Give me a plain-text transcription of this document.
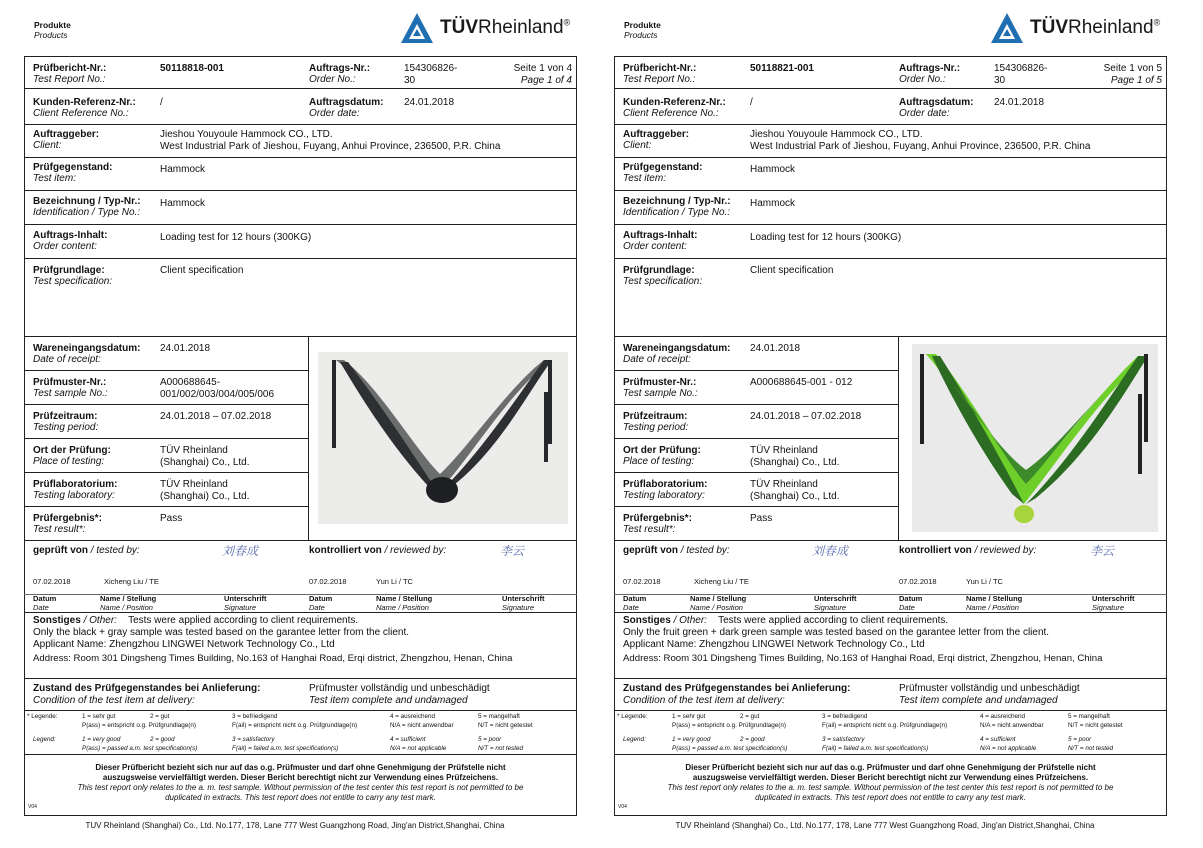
Produkte
Products	TÜVRheinland®
Prüfbericht-Nr.:
Test Report No.:
50118818-001	Auftrags-Nr.:
Order No.:
154306826-
30
Seite 1 von 4
Page 1 of 4
Kunden-Referenz-Nr.:
Client Reference No.:
/	Auftragsdatum:
Order date:
24.01.2018
Auftraggeber:
Client:
Jieshou Youyoule Hammock CO., LTD.
West Industrial Park of Jieshou, Fuyang, Anhui Province, 236500, P.R. China
Prüfgegenstand:
Test item:
Hammock
Bezeichnung / Typ-Nr.:
Identification / Type No.:
Hammock
Auftrags-Inhalt:
Order content:
Loading test for 12 hours (300KG)
Prüfgrundlage:
Test specification:
Client specification
Wareneingangsdatum:
Date of receipt:
24.01.2018
Prüfmuster-Nr.:
Test sample No.:
A000688645-
001/002/003/004/005/006
Prüfzeitraum:
Testing period:
24.01.2018 – 07.02.2018
Ort der Prüfung:
Place of testing:
TÜV Rheinland
(Shanghai) Co., Ltd.
Prüflaboratorium:
Testing laboratory:
TÜV Rheinland
(Shanghai) Co., Ltd.
Prüfergebnis*:
Test result*:
Pass
geprüft von / tested by:	刘春成	kontrolliert von / reviewed by:	李云
07.02.2018	Xicheng Liu / TE	07.02.2018	Yun Li / TC
Datum
Date
Name / Stellung
Name / Position
Unterschrift
Signature
Datum
Date
Name / Stellung
Name / Position
Unterschrift
Signature
Sonstiges / Other: Tests were applied according to client requirements.
Only the black + gray sample was tested based on the garantee letter from the client.
Applicant Name: Zhengzhou LINGWEI Network Technology Co., Ltd
Address: Room 301 Dingsheng Times Building, No.163 of Hanghai Road, Erqi district, Zhengzhou, Henan, China
Zustand des Prüfgegenstandes bei Anlieferung:
Condition of the test item at delivery:
Prüfmuster vollständig und unbeschädigt
Test item complete and undamaged
* Legende:	1 = sehr gut	2 = gut	3 = befriedigend	4 = ausreichend	5 = mangelhaft
P(ass) = entspricht o.g. Prüfgrundlage(n)	F(ail) = entspricht nicht o.g. Prüfgrundlage(n)	N/A = nicht anwendbar	N/T = nicht getestet
Legend:	1 = very good	2 = good	3 = satisfactory	4 = sufficient	5 = poor
P(ass) = passed a.m. test specification(s)	F(ail) = failed a.m. test specification(s)	N/A = not applicable	N/T = not tested
Dieser Prüfbericht bezieht sich nur auf das o.g. Prüfmuster und darf ohne Genehmigung der Prüfstelle nicht
auszugsweise vervielfältigt werden. Dieser Bericht berechtigt nicht zur Verwendung eines Prüfzeichens.
This test report only relates to the a. m. test sample. Without permission of the test center this test report is not permitted to be
duplicated in extracts. This test report does not entitle to carry any test mark.
V04
TUV Rheinland (Shanghai) Co., Ltd. No.177, 178, Lane 777 West Guangzhong Road, Jing'an District,Shanghai, China
Produkte
Products	TÜVRheinland®
Prüfbericht-Nr.:
Test Report No.:
50118821-001	Auftrags-Nr.:
Order No.:
154306826-
30
Seite 1 von 5
Page 1 of 5
Kunden-Referenz-Nr.:
Client Reference No.:
/	Auftragsdatum:
Order date:
24.01.2018
Auftraggeber:
Client:
Jieshou Youyoule Hammock CO., LTD.
West Industrial Park of Jieshou, Fuyang, Anhui Province, 236500, P.R. China
Prüfgegenstand:
Test item:
Hammock
Bezeichnung / Typ-Nr.:
Identification / Type No.:
Hammock
Auftrags-Inhalt:
Order content:
Loading test for 12 hours (300KG)
Prüfgrundlage:
Test specification:
Client specification
Wareneingangsdatum:
Date of receipt:
24.01.2018
Prüfmuster-Nr.:
Test sample No.:
A000688645-001 - 012

Prüfzeitraum:
Testing period:
24.01.2018 – 07.02.2018
Ort der Prüfung:
Place of testing:
TÜV Rheinland
(Shanghai) Co., Ltd.
Prüflaboratorium:
Testing laboratory:
TÜV Rheinland
(Shanghai) Co., Ltd.
Prüfergebnis*:
Test result*:
Pass
geprüft von / tested by:	刘春成	kontrolliert von / reviewed by:	李云
07.02.2018	Xicheng Liu / TE	07.02.2018	Yun Li / TC
Datum
Date
Name / Stellung
Name / Position
Unterschrift
Signature
Datum
Date
Name / Stellung
Name / Position
Unterschrift
Signature
Sonstiges / Other: Tests were applied according to client requirements.
Only the fruit green + dark green sample was tested based on the garantee letter from the client.
Applicant Name: Zhengzhou LINGWEI Network Technology Co., Ltd
Address: Room 301 Dingsheng Times Building, No.163 of Hanghai Road, Erqi district, Zhengzhou, Henan, China
Zustand des Prüfgegenstandes bei Anlieferung:
Condition of the test item at delivery:
Prüfmuster vollständig und unbeschädigt
Test item complete and undamaged
* Legende:	1 = sehr gut	2 = gut	3 = befriedigend	4 = ausreichend	5 = mangelhaft
P(ass) = entspricht o.g. Prüfgrundlage(n)	F(ail) = entspricht nicht o.g. Prüfgrundlage(n)	N/A = nicht anwendbar	N/T = nicht getestet
Legend:	1 = very good	2 = good	3 = satisfactory	4 = sufficient	5 = poor
P(ass) = passed a.m. test specification(s)	F(ail) = failed a.m. test specification(s)	N/A = not applicable	N/T = not tested
Dieser Prüfbericht bezieht sich nur auf das o.g. Prüfmuster und darf ohne Genehmigung der Prüfstelle nicht
auszugsweise vervielfältigt werden. Dieser Bericht berechtigt nicht zur Verwendung eines Prüfzeichens.
This test report only relates to the a. m. test sample. Without permission of the test center this test report is not permitted to be
duplicated in extracts. This test report does not entitle to carry any test mark.
V04
TUV Rheinland (Shanghai) Co., Ltd. No.177, 178, Lane 777 West Guangzhong Road, Jing'an District,Shanghai, China
